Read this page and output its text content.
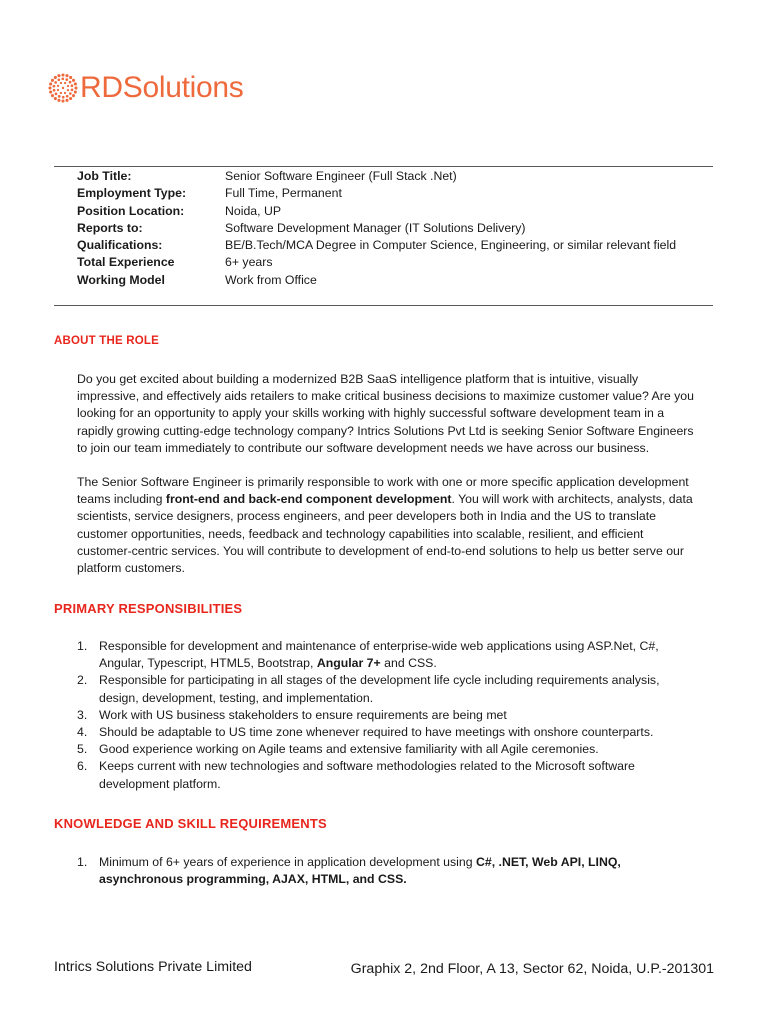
RDSolutions
Job Title:	Senior Software Engineer (Full Stack .Net)
Employment Type:	Full Time, Permanent
Position Location:	Noida, UP
Reports to:	Software Development Manager (IT Solutions Delivery)
Qualifications:	BE/B.Tech/MCA Degree in Computer Science, Engineering, or similar relevant field
Total Experience	6+ years
Working Model	Work from Office
ABOUT THE ROLE
Do you get excited about building a modernized B2B SaaS intelligence platform that is intuitive, visually
impressive, and effectively aids retailers to make critical business decisions to maximize customer value? Are you
looking for an opportunity to apply your skills working with highly successful software development team in a
rapidly growing cutting-edge technology company? Intrics Solutions Pvt Ltd is seeking Senior Software Engineers
to join our team immediately to contribute our software development needs we have across our business.
The Senior Software Engineer is primarily responsible to work with one or more specific application development
teams including front-end and back-end component development. You will work with architects, analysts, data
scientists, service designers, process engineers, and peer developers both in India and the US to translate
customer opportunities, needs, feedback and technology capabilities into scalable, resilient, and efficient
customer-centric services. You will contribute to development of end-to-end solutions to help us better serve our
platform customers.
PRIMARY RESPONSIBILITIES
1. Responsible for development and maintenance of enterprise-wide web applications using ASP.Net, C#,
Angular, Typescript, HTML5, Bootstrap, Angular 7+ and CSS.
2. Responsible for participating in all stages of the development life cycle including requirements analysis,
design, development, testing, and implementation.
3. Work with US business stakeholders to ensure requirements are being met
4. Should be adaptable to US time zone whenever required to have meetings with onshore counterparts.
5. Good experience working on Agile teams and extensive familiarity with all Agile ceremonies.
6. Keeps current with new technologies and software methodologies related to the Microsoft software
development platform.
KNOWLEDGE AND SKILL REQUIREMENTS
1. Minimum of 6+ years of experience in application development using C#, .NET, Web API, LINQ,
asynchronous programming, AJAX, HTML, and CSS.
Intrics Solutions Private Limited	Graphix 2, 2nd Floor, A 13, Sector 62, Noida, U.P.-201301
